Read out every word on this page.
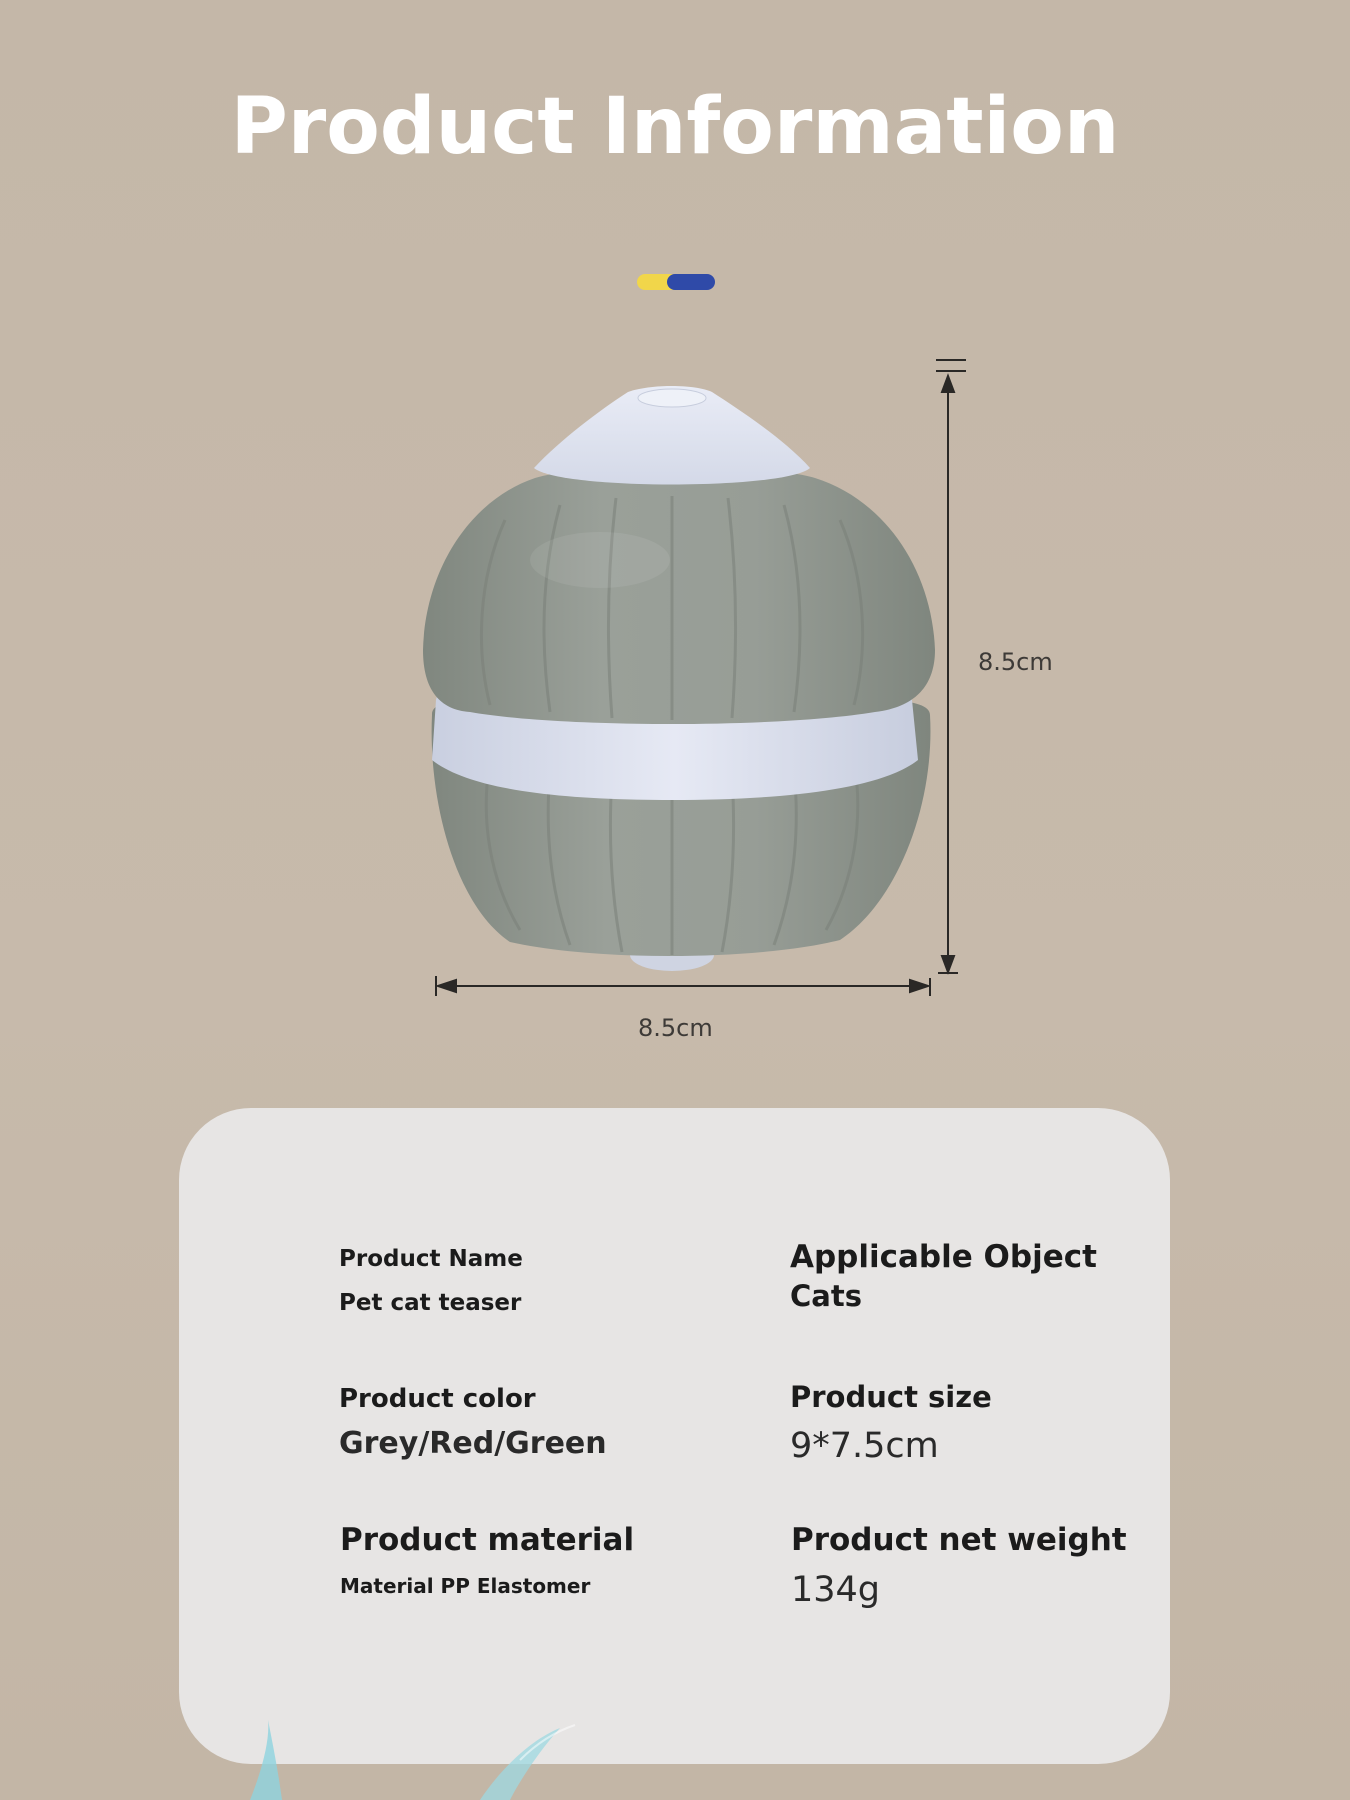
Product Information
8.5cm
8.5cm
Product Name
Pet cat teaser
Applicable Object
Cats
Product color
Grey/Red/Green
Product size
9*7.5cm
Product material
Material PP Elastomer
Product net weight
134g
